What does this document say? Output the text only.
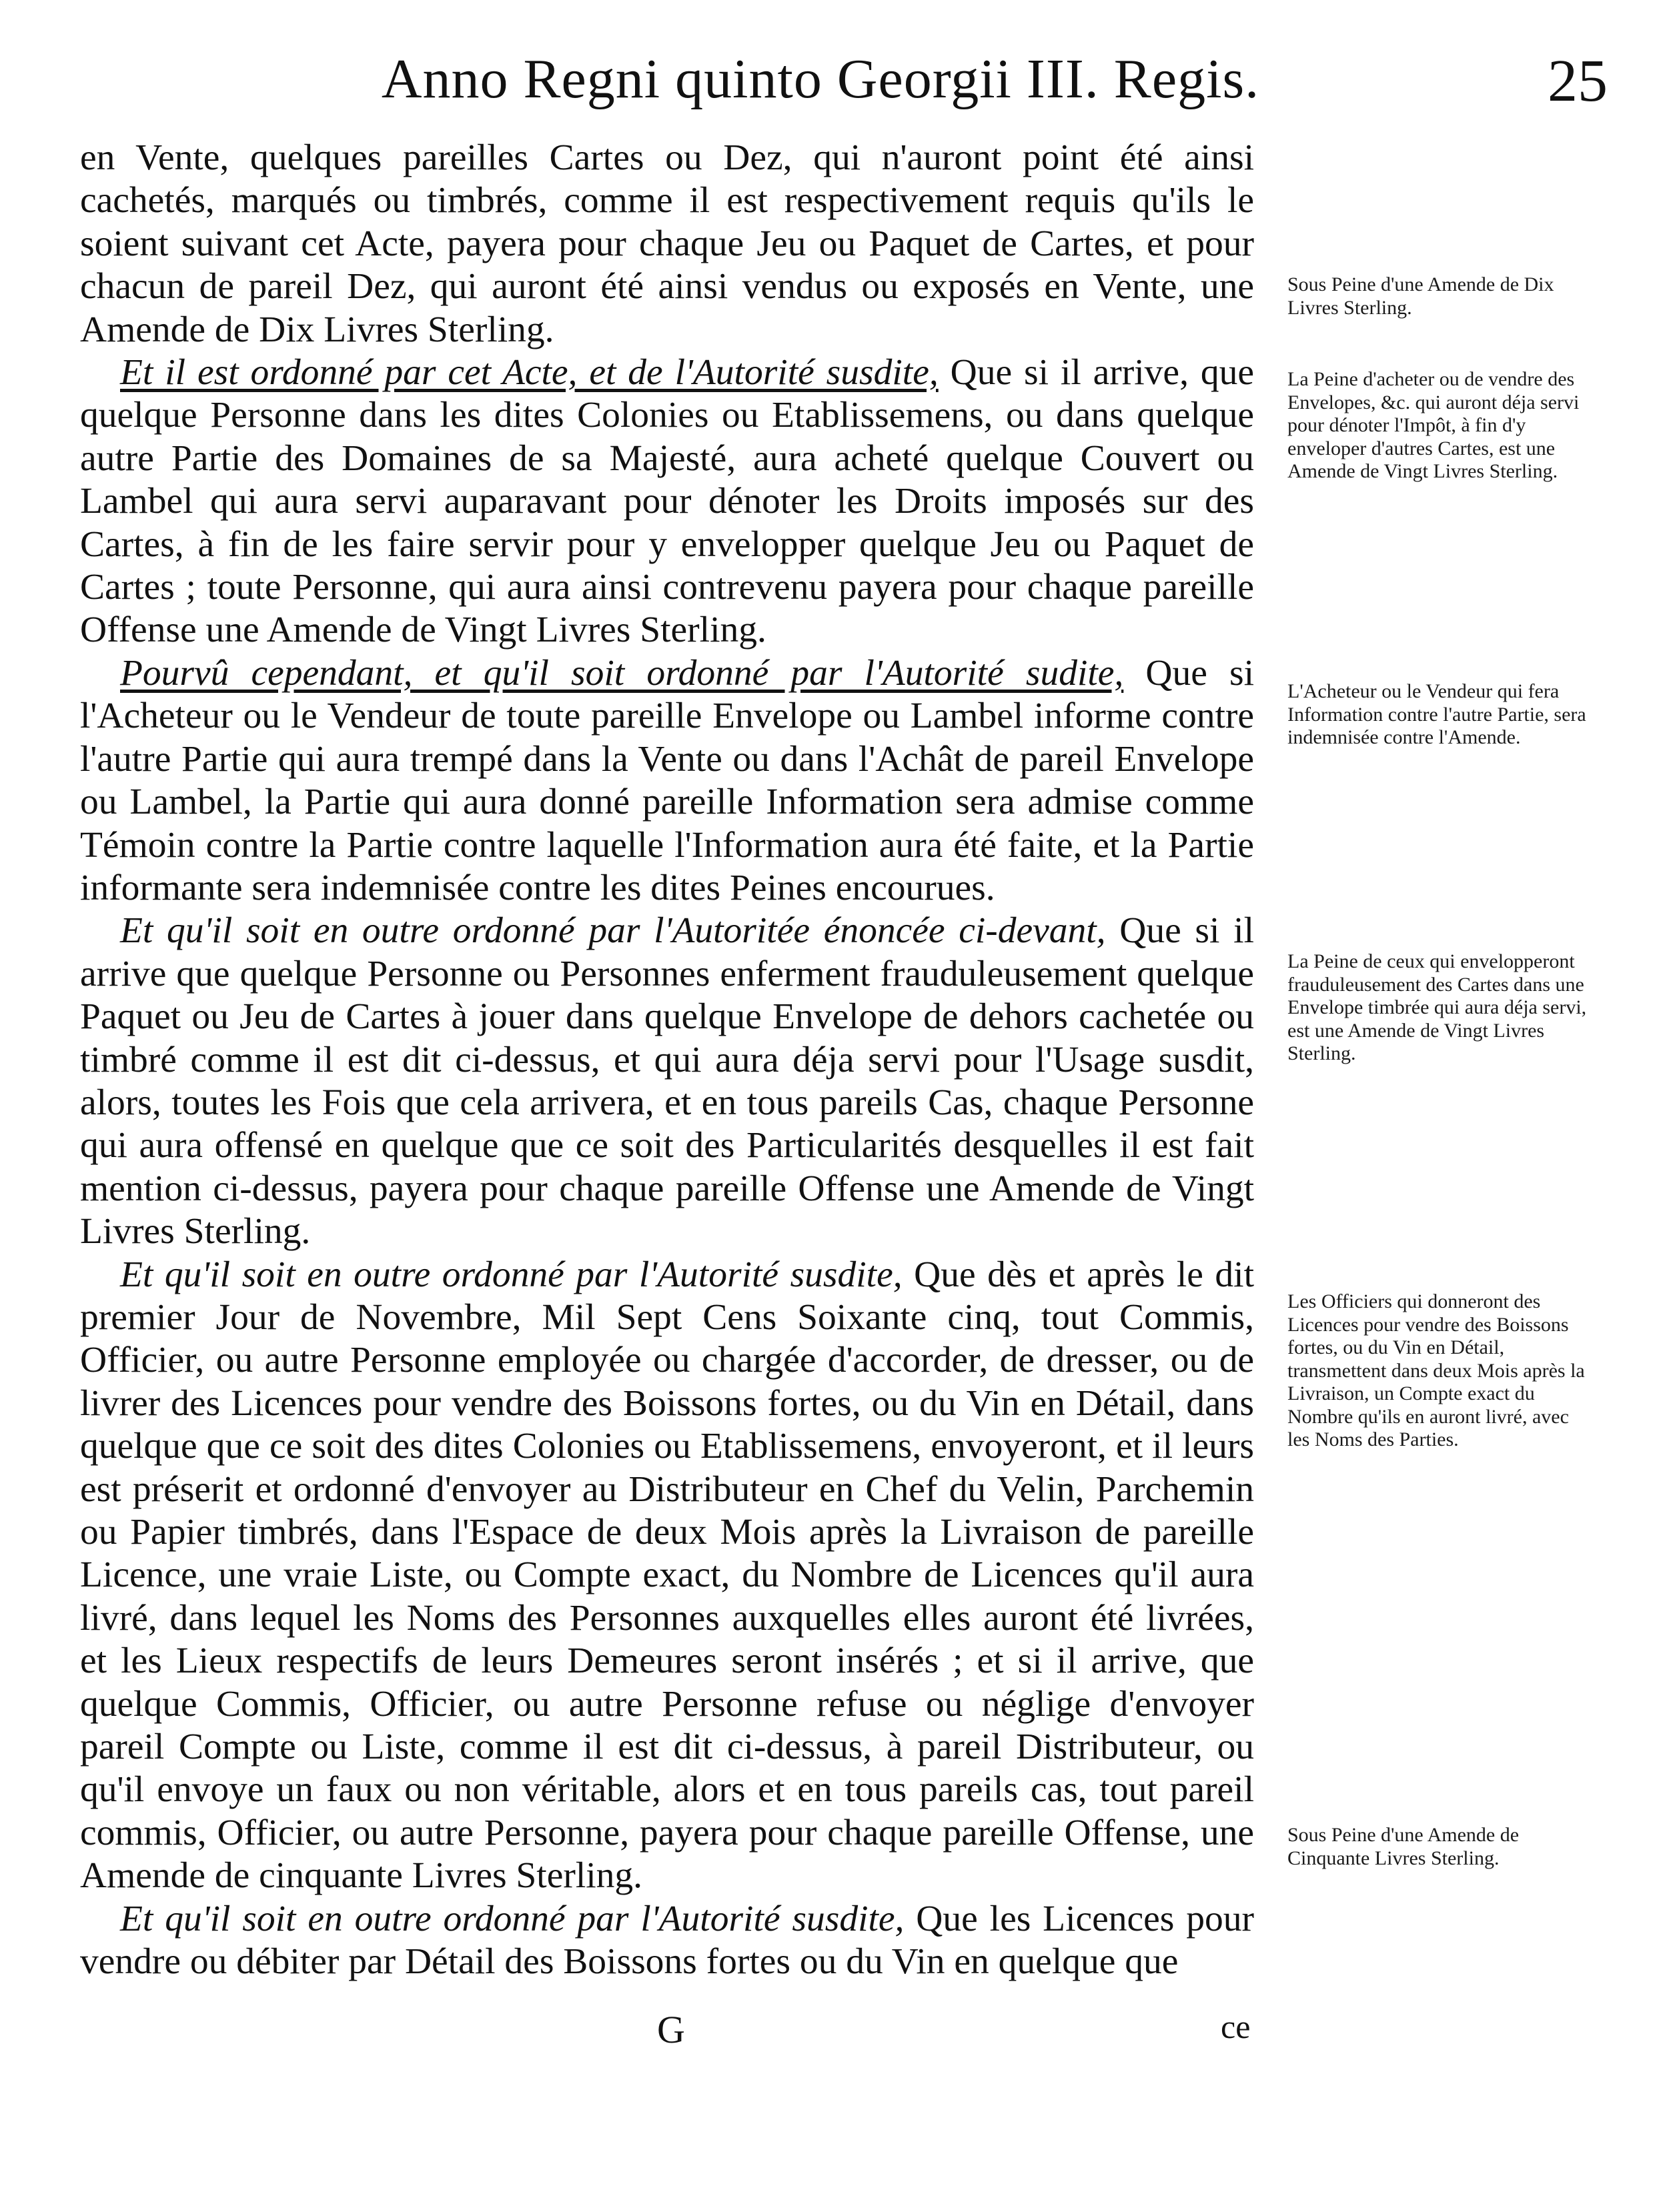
Anno Regni quinto Georgii III. Regis.	25

en Vente, quelques pareilles Cartes ou Dez, qui n'auront point été ainsi cachetés, marqués ou timbrés, comme il est respectivement requis qu'ils le soient suivant cet Acte, payera pour chaque Jeu ou Paquet de Cartes, et pour chacun de pareil Dez, qui auront été ainsi vendus ou exposés en Vente, une Amende de Dix Livres Sterling.

Et il est ordonné par cet Acte, et de l'Autorité susdite, Que si il arrive, que quelque Personne dans les dites Colonies ou Etablissemens, ou dans quelque autre Partie des Domaines de sa Majesté, aura acheté quelque Couvert ou Lambel qui aura servi auparavant pour dénoter les Droits imposés sur des Cartes, à fin de les faire servir pour y envelopper quelque Jeu ou Paquet de Cartes ; toute Personne, qui aura ainsi contrevenu payera pour chaque pareille Offense une Amende de Vingt Livres Sterling.

Pourvû cependant, et qu'il soit ordonné par l'Autorité sudite, Que si l'Acheteur ou le Vendeur de toute pareille Envelope ou Lambel informe contre l'autre Partie qui aura trempé dans la Vente ou dans l'Achât de pareil Envelope ou Lambel, la Partie qui aura donné pareille Information sera admise comme Témoin contre la Partie contre laquelle l'Information aura été faite, et la Partie informante sera indemnisée contre les dites Peines encourues.

Et qu'il soit en outre ordonné par l'Autoritée énoncée ci-devant, Que si il arrive que quelque Personne ou Personnes enferment frauduleusement quelque Paquet ou Jeu de Cartes à jouer dans quelque Envelope de dehors cachetée ou timbré comme il est dit ci-dessus, et qui aura déja servi pour l'Usage susdit, alors, toutes les Fois que cela arrivera, et en tous pareils Cas, chaque Personne qui aura offensé en quelque que ce soit des Particularités desquelles il est fait mention ci-dessus, payera pour chaque pareille Offense une Amende de Vingt Livres Sterling.

Et qu'il soit en outre ordonné par l'Autorité susdite, Que dès et après le dit premier Jour de Novembre, Mil Sept Cens Soixante cinq, tout Commis, Officier, ou autre Personne employée ou chargée d'accorder, de dresser, ou de livrer des Licences pour vendre des Boissons fortes, ou du Vin en Détail, dans quelque que ce soit des dites Colonies ou Etablissemens, envoyeront, et il leurs est préserit et ordonné d'envoyer au Distributeur en Chef du Velin, Parchemin ou Papier timbrés, dans l'Espace de deux Mois après la Livraison de pareille Licence, une vraie Liste, ou Compte exact, du Nombre de Licences qu'il aura livré, dans lequel les Noms des Personnes auxquelles elles auront été livrées, et les Lieux respectifs de leurs Demeures seront insérés ; et si il arrive, que quelque Commis, Officier, ou autre Personne refuse ou néglige d'envoyer pareil Compte ou Liste, comme il est dit ci-dessus, à pareil Distributeur, ou qu'il envoye un faux ou non véritable, alors et en tous pareils cas, tout pareil commis, Officier, ou autre Personne, payera pour chaque pareille Offense, une Amende de cinquante Livres Sterling.

Et qu'il soit en outre ordonné par l'Autorité susdite, Que les Licences pour vendre ou débiter par Détail des Boissons fortes ou du Vin en quelque que

Sous Peine d'une Amende de Dix Livres Sterling.
La Peine d'acheter ou de vendre des Envelopes, &c. qui auront déja servi pour dénoter l'Impôt, à fin d'y enveloper d'autres Cartes, est une Amende de Vingt Livres Sterling.
L'Acheteur ou le Vendeur qui fera Information contre l'autre Partie, sera indemnisée contre l'Amende.
La Peine de ceux qui envelopperont frauduleusement des Cartes dans une Envelope timbrée qui aura déja servi, est une Amende de Vingt Livres Sterling.
Les Officiers qui donneront des Licences pour vendre des Boissons fortes, ou du Vin en Détail, transmettent dans deux Mois après la Livraison, un Compte exact du Nombre qu'ils en auront livré, avec les Noms des Parties.
Sous Peine d'une Amende de Cinquante Livres Sterling.
G	ce
